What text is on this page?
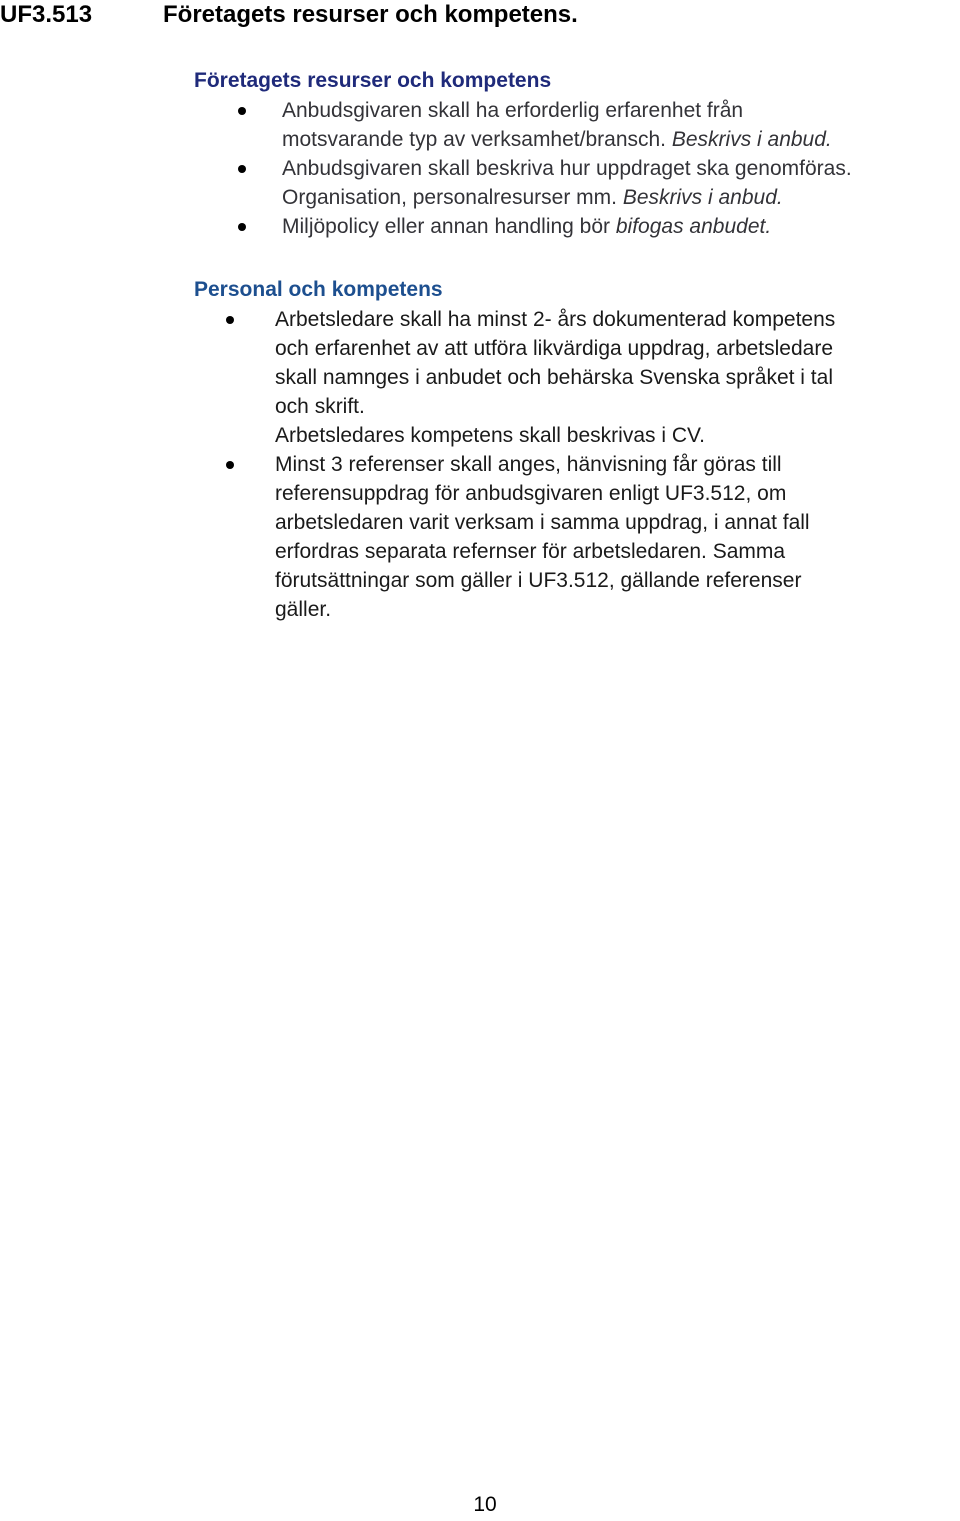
UF3.513	Företagets resurser och kompetens.

Företagets resurser och kompetens

Anbudsgivaren skall ha erforderlig erfarenhet från
motsvarande typ av verksamhet/bransch. Beskrivs i anbud.
Anbudsgivaren skall beskriva hur uppdraget ska genomföras.
Organisation, personalresurser mm. Beskrivs i anbud.
Miljöpolicy eller annan handling bör bifogas anbudet.

Personal och kompetens

Arbetsledare skall ha minst 2- års dokumenterad kompetens
och erfarenhet av att utföra likvärdiga uppdrag, arbetsledare
skall namnges i anbudet och behärska Svenska språket i tal
och skrift.
Arbetsledares kompetens skall beskrivas i CV.
Minst 3 referenser skall anges, hänvisning får göras till
referensuppdrag för anbudsgivaren enligt UF3.512, om
arbetsledaren varit verksam i samma uppdrag, i annat fall
erfordras separata refernser för arbetsledaren. Samma
förutsättningar som gäller i UF3.512, gällande referenser
gäller.
10
